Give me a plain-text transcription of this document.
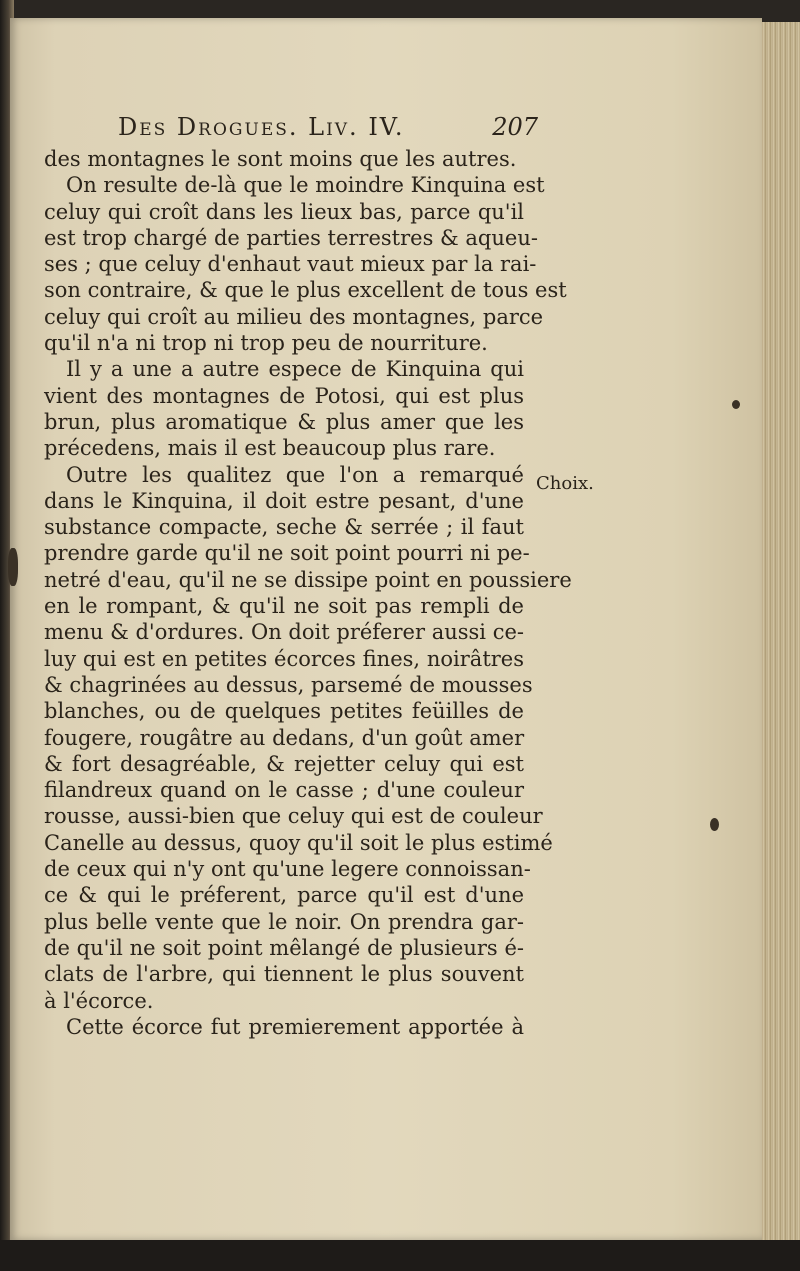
Des Drogues. Liv. IV.	207
des montagnes le sont moins que les autres.
On resulte de-là que le moindre Kinquina est
celuy qui croît dans les lieux bas, parce qu'il
est trop chargé de parties terrestres & aqueu-
ses ; que celuy d'enhaut vaut mieux par la rai-
son contraire, & que le plus excellent de tous est
celuy qui croît au milieu des montagnes, parce
qu'il n'a ni trop ni trop peu de nourriture.
Il y a une a autre espece de Kinquina qui
vient des montagnes de Potosi, qui est plus
brun, plus aromatique & plus amer que les
précedens, mais il est beaucoup plus rare.
Outre les qualitez que l'on a remarqué
dans le Kinquina, il doit estre pesant, d'une
substance compacte, seche & serrée ; il faut
prendre garde qu'il ne soit point pourri ni pe-
netré d'eau, qu'il ne se dissipe point en poussiere
en le rompant, & qu'il ne soit pas rempli de
menu & d'ordures. On doit préferer aussi ce-
luy qui est en petites écorces fines, noirâtres
& chagrinées au dessus, parsemé de mousses
blanches, ou de quelques petites feüilles de
fougere, rougâtre au dedans, d'un goût amer
& fort desagréable, & rejetter celuy qui est
filandreux quand on le casse ; d'une couleur
rousse, aussi-bien que celuy qui est de couleur
Canelle au dessus, quoy qu'il soit le plus estimé
de ceux qui n'y ont qu'une legere connoissan-
ce & qui le préferent, parce qu'il est d'une
plus belle vente que le noir. On prendra gar-
de qu'il ne soit point mêlangé de plusieurs é-
clats de l'arbre, qui tiennent le plus souvent
à l'écorce.
Cette écorce fut premierement apportée à
Choix.
